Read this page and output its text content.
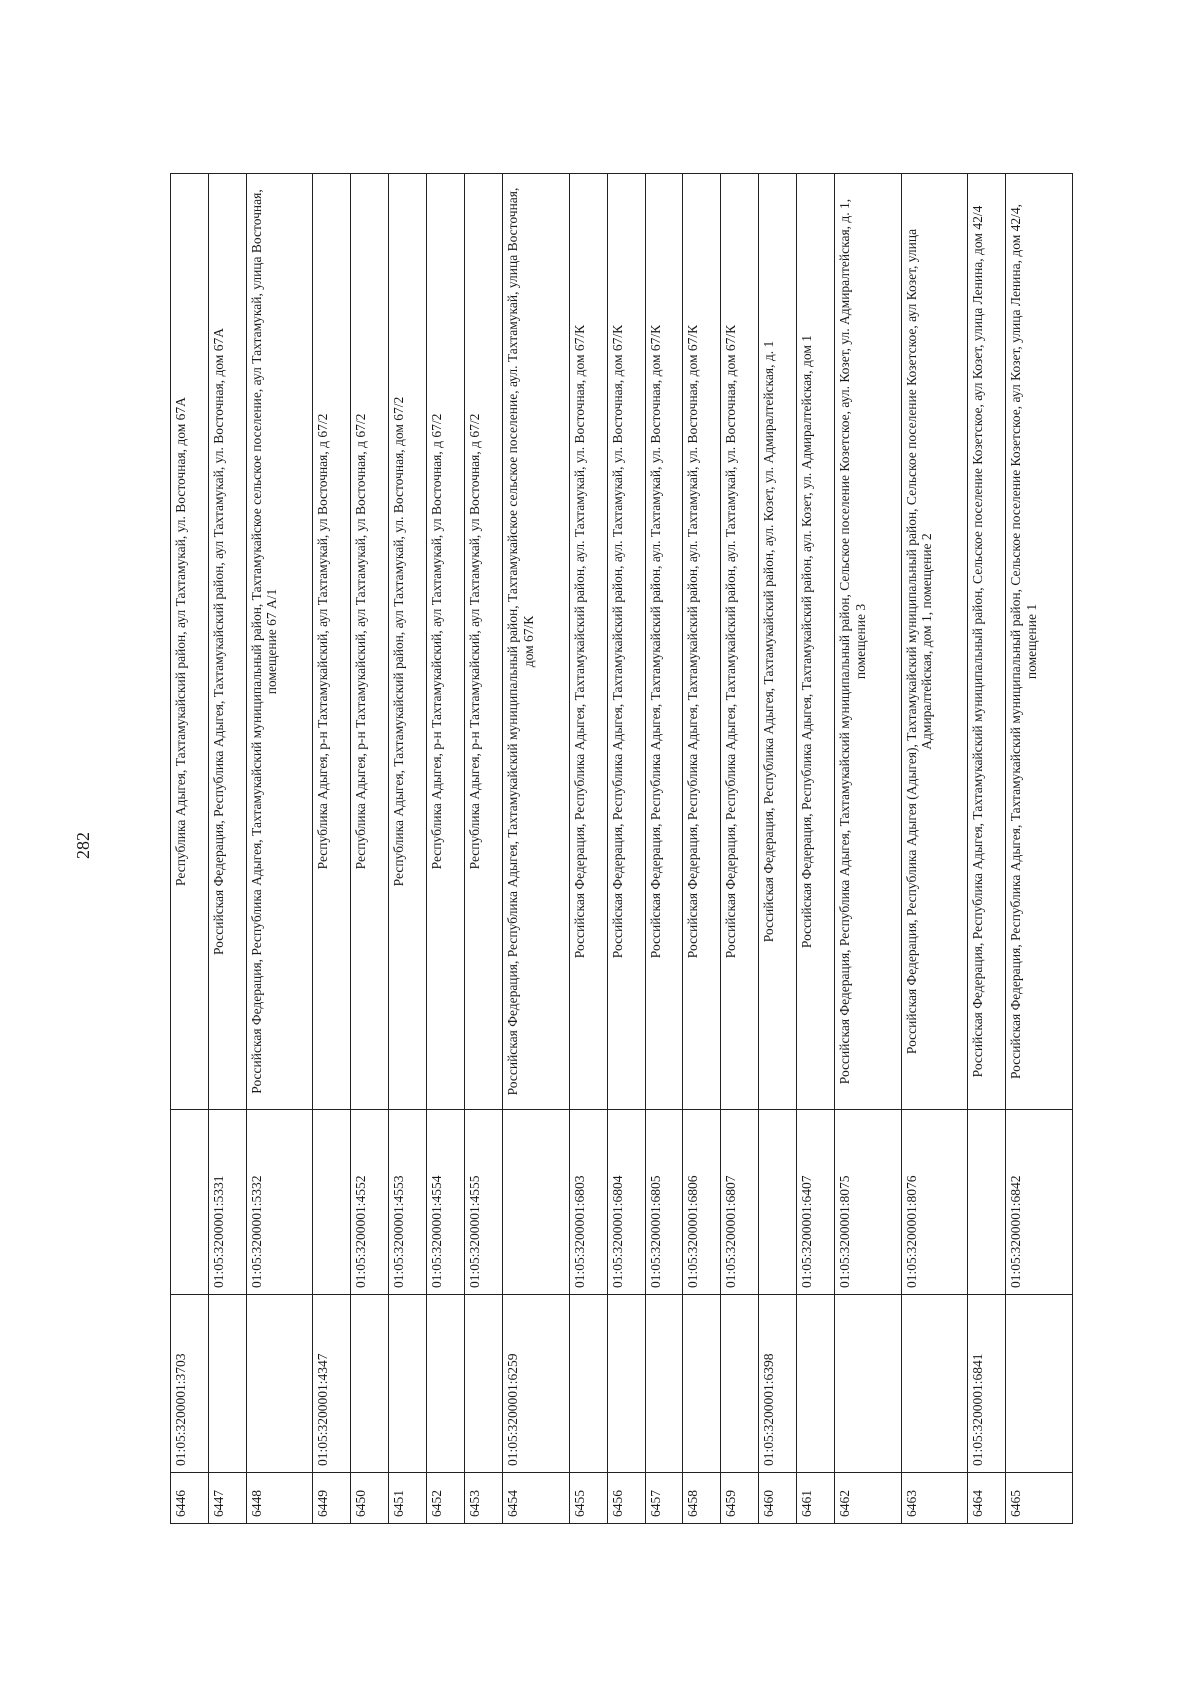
282
6446	01:05:3200001:3703		Республика Адыгея, Тахтамукайский район, аул Тахтамукай, ул. Восточная, дом 67А
6447		01:05:3200001:5331	Российская Федерация, Республика Адыгея, Тахтамукайский район, аул Тахтамукай, ул. Восточная, дом 67А
6448		01:05:3200001:5332	Российская Федерация, Республика Адыгея, Тахтамукайский муниципальный район, Тахтамукайское сельское поселение, аул Тахтамукай, улица Восточная, помещение 67 А/1
6449	01:05:3200001:4347		Республика Адыгея, р-н Тахтамукайский, аул Тахтамукай, ул Восточная, д 67/2
6450		01:05:3200001:4552	Республика Адыгея, р-н Тахтамукайский, аул Тахтамукай, ул Восточная, д 67/2
6451		01:05:3200001:4553	Республика Адыгея, Тахтамукайский район, аул Тахтамукай, ул. Восточная, дом 67/2
6452		01:05:3200001:4554	Республика Адыгея, р-н Тахтамукайский, аул Тахтамукай, ул Восточная, д 67/2
6453		01:05:3200001:4555	Республика Адыгея, р-н Тахтамукайский, аул Тахтамукай, ул Восточная, д 67/2
6454	01:05:3200001:6259		Российская Федерация, Республика Адыгея, Тахтамукайский муниципальный район, Тахтамукайское сельское поселение, аул. Тахтамукай, улица Восточная, дом 67/К
6455		01:05:3200001:6803	Российская Федерация, Республика Адыгея, Тахтамукайский район, аул. Тахтамукай, ул. Восточная, дом 67/К
6456		01:05:3200001:6804	Российская Федерация, Республика Адыгея, Тахтамукайский район, аул. Тахтамукай, ул. Восточная, дом 67/К
6457		01:05:3200001:6805	Российская Федерация, Республика Адыгея, Тахтамукайский район, аул. Тахтамукай, ул. Восточная, дом 67/К
6458		01:05:3200001:6806	Российская Федерация, Республика Адыгея, Тахтамукайский район, аул. Тахтамукай, ул. Восточная, дом 67/К
6459		01:05:3200001:6807	Российская Федерация, Республика Адыгея, Тахтамукайский район, аул. Тахтамукай, ул. Восточная, дом 67/К
6460	01:05:3200001:6398		Российская Федерация, Республика Адыгея, Тахтамукайский район, аул. Козет, ул. Адмиралтейская, д. 1
6461		01:05:3200001:6407	Российская Федерация, Республика Адыгея, Тахтамукайский район, аул. Козет, ул. Адмиралтейская, дом 1
6462		01:05:3200001:8075	Российская Федерация, Республика Адыгея, Тахтамукайский муниципальный район, Сельское поселение Козетское, аул. Козет, ул. Адмиралтейская, д. 1, помещение 3
6463		01:05:3200001:8076	Российская Федерация, Республика Адыгея (Адыгея), Тахтамукайский муниципальный район, Сельское поселение Козетское, аул Козет, улица Адмиралтейская, дом 1, помещение 2
6464	01:05:3200001:6841		Российская Федерация, Республика Адыгея, Тахтамукайский муниципальный район, Сельское поселение Козетское, аул Козет, улица Ленина, дом 42/4
6465		01:05:3200001:6842	Российская Федерация, Республика Адыгея, Тахтамукайский муниципальный район, Сельское поселение Козетское, аул Козет, улица Ленина, дом 42/4, помещение 1
